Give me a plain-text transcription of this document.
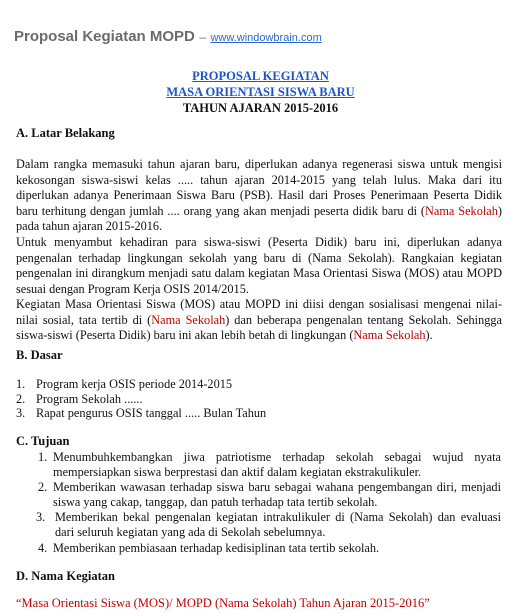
Proposal Kegiatan MOPD – www.windowbrain.com
PROPOSAL KEGIATAN
MASA ORIENTASI SISWA BARU
TAHUN AJARAN 2015-2016
A. Latar Belakang
Dalam rangka memasuki tahun ajaran baru, diperlukan adanya regenerasi siswa untuk mengisi kekosongan siswa-siswi kelas ..... tahun ajaran 2014-2015 yang telah lulus. Maka dari itu diperlukan adanya Penerimaan Siswa Baru (PSB). Hasil dari Proses Penerimaan Peserta Didik baru terhitung dengan jumlah .... orang yang akan menjadi peserta didik baru di (Nama Sekolah) pada tahun ajaran 2015-2016.
Untuk menyambut kehadiran para siswa-siswi (Peserta Didik) baru ini, diperlukan adanya pengenalan terhadap lingkungan sekolah yang baru di (Nama Sekolah). Rangkaian kegiatan pengenalan ini dirangkum menjadi satu dalam kegiatan Masa Orientasi Siswa (MOS) atau MOPD sesuai dengan Program Kerja OSIS 2014/2015.
Kegiatan Masa Orientasi Siswa (MOS) atau MOPD ini diisi dengan sosialisasi mengenai nilai-nilai sosial, tata tertib di (Nama Sekolah) dan beberapa pengenalan tentang Sekolah. Sehingga siswa-siswi (Peserta Didik) baru ini akan lebih betah di lingkungan (Nama Sekolah).
B. Dasar
1. Program kerja OSIS periode 2014-2015
2. Program Sekolah ......
3. Rapat pengurus OSIS tanggal ..... Bulan Tahun
C. Tujuan
1. Menumbuhkembangkan jiwa patriotisme terhadap sekolah sebagai wujud nyata mempersiapkan siswa berprestasi dan aktif dalam kegiatan ekstrakulikuler.
2. Memberikan wawasan terhadap siswa baru sebagai wahana pengembangan diri, menjadi siswa yang cakap, tanggap, dan patuh terhadap tata tertib sekolah.
3. Memberikan bekal pengenalan kegiatan intrakulikuler di (Nama Sekolah) dan evaluasi dari seluruh kegiatan yang ada di Sekolah sebelumnya.
4. Memberikan pembiasaan terhadap kedisiplinan tata tertib sekolah.
D. Nama Kegiatan
“Masa Orientasi Siswa (MOS)/ MOPD (Nama Sekolah) Tahun Ajaran 2015-2016”
